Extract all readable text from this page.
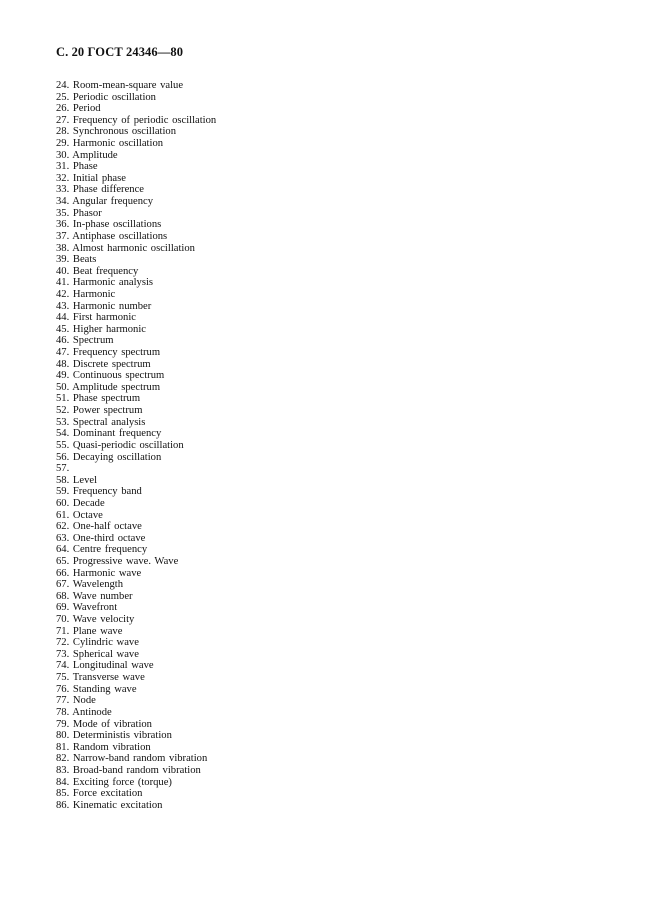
С. 20 ГОСТ 24346—80
24. Room-mean-square value
25. Periodic oscillation
26. Period
27. Frequency of periodic oscillation
28. Synchronous oscillation
29. Harmonic oscillation
30. Amplitude
31. Phase
32. Initial phase
33. Phase difference
34. Angular frequency
35. Phasor
36. In-phase oscillations
37. Antiphase oscillations
38. Almost harmonic oscillation
39. Beats
40. Beat frequency
41. Harmonic analysis
42. Harmonic
43. Harmonic number
44. First harmonic
45. Higher harmonic
46. Spectrum
47. Frequency spectrum
48. Discrete spectrum
49. Continuous spectrum
50. Amplitude spectrum
51. Phase spectrum
52. Power spectrum
53. Spectral analysis
54. Dominant frequency
55. Quasi-periodic oscillation
56. Decaying oscillation
57.
58. Level
59. Frequency band
60. Decade
61. Octave
62. One-half octave
63. One-third octave
64. Centre frequency
65. Progressive wave. Wave
66. Harmonic wave
67. Wavelength
68. Wave number
69. Wavefront
70. Wave velocity
71. Plane wave
72. Cylindric wave
73. Spherical wave
74. Longitudinal wave
75. Transverse wave
76. Standing wave
77. Node
78. Antinode
79. Mode of vibration
80. Deterministis vibration
81. Random vibration
82. Narrow-band random vibration
83. Broad-band random vibration
84. Exciting force (torque)
85. Force excitation
86. Kinematic excitation
